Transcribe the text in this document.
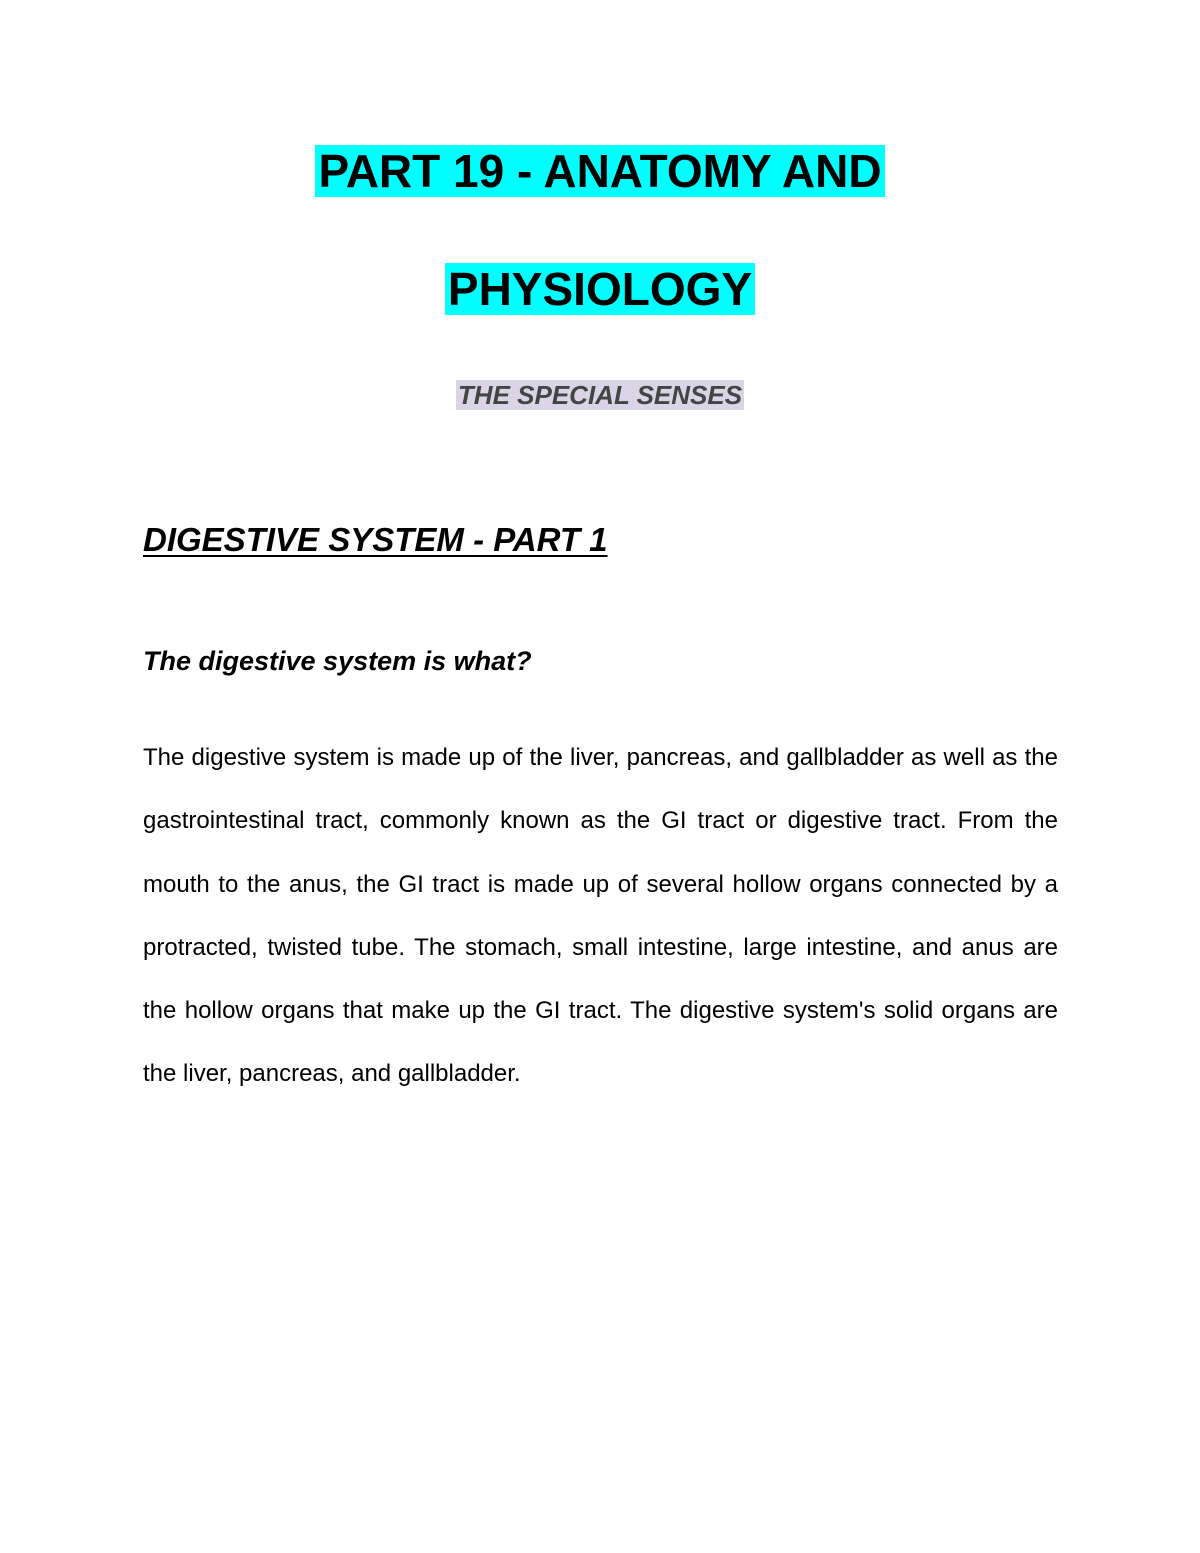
PART 19 - ANATOMY AND
PHYSIOLOGY
THE SPECIAL SENSES
DIGESTIVE SYSTEM - PART 1
The digestive system is what?

The digestive system is made up of the liver, pancreas, and gallbladder as well as the gastrointestinal tract, commonly known as the GI tract or digestive tract. From the mouth to the anus, the GI tract is made up of several hollow organs connected by a protracted, twisted tube. The stomach, small intestine, large intestine, and anus are the hollow organs that make up the GI tract. The digestive system's solid organs are the liver, pancreas, and gallbladder.
